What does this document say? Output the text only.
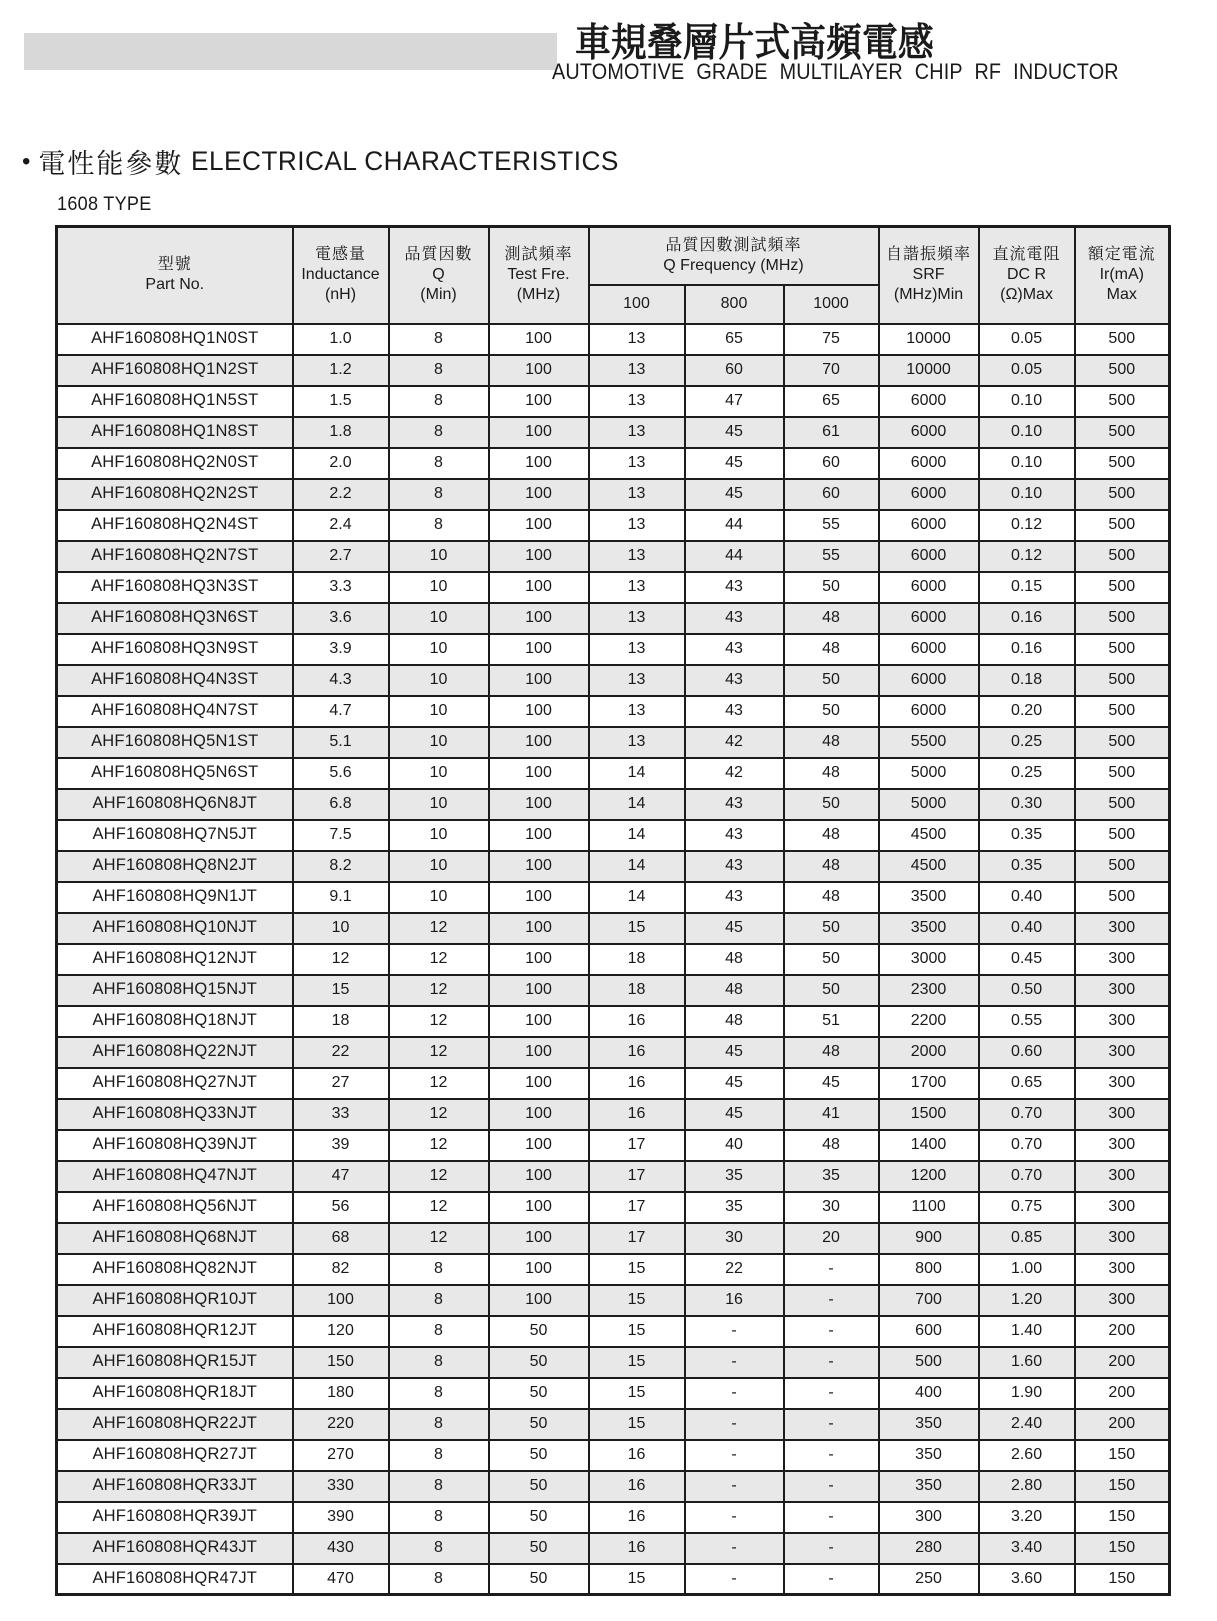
車規叠層片式高頻電感
AUTOMOTIVE GRADE MULTILAYER CHIP RF INDUCTOR
• 電性能參數 ELECTRICAL CHARACTERISTICS
1608 TYPE
型號
Part No.	電感量
Inductance
(nH)	品質因數
Q
(Min)	測試頻率
Test Fre.
(MHz)	品質因數測試頻率
Q Frequency (MHz)			自諧振頻率
SRF
(MHz)Min	直流電阻
DC R
(Ω)Max	額定電流
Ir(mA)
Max

				100	800	1000			
AHF160808HQ1N0ST	1.0	8	100	13	65	75	10000	0.05	500
AHF160808HQ1N2ST	1.2	8	100	13	60	70	10000	0.05	500
AHF160808HQ1N5ST	1.5	8	100	13	47	65	6000	0.10	500
AHF160808HQ1N8ST	1.8	8	100	13	45	61	6000	0.10	500
AHF160808HQ2N0ST	2.0	8	100	13	45	60	6000	0.10	500
AHF160808HQ2N2ST	2.2	8	100	13	45	60	6000	0.10	500
AHF160808HQ2N4ST	2.4	8	100	13	44	55	6000	0.12	500
AHF160808HQ2N7ST	2.7	10	100	13	44	55	6000	0.12	500
AHF160808HQ3N3ST	3.3	10	100	13	43	50	6000	0.15	500
AHF160808HQ3N6ST	3.6	10	100	13	43	48	6000	0.16	500
AHF160808HQ3N9ST	3.9	10	100	13	43	48	6000	0.16	500
AHF160808HQ4N3ST	4.3	10	100	13	43	50	6000	0.18	500
AHF160808HQ4N7ST	4.7	10	100	13	43	50	6000	0.20	500
AHF160808HQ5N1ST	5.1	10	100	13	42	48	5500	0.25	500
AHF160808HQ5N6ST	5.6	10	100	14	42	48	5000	0.25	500
AHF160808HQ6N8JT	6.8	10	100	14	43	50	5000	0.30	500
AHF160808HQ7N5JT	7.5	10	100	14	43	48	4500	0.35	500
AHF160808HQ8N2JT	8.2	10	100	14	43	48	4500	0.35	500
AHF160808HQ9N1JT	9.1	10	100	14	43	48	3500	0.40	500
AHF160808HQ10NJT	10	12	100	15	45	50	3500	0.40	300
AHF160808HQ12NJT	12	12	100	18	48	50	3000	0.45	300
AHF160808HQ15NJT	15	12	100	18	48	50	2300	0.50	300
AHF160808HQ18NJT	18	12	100	16	48	51	2200	0.55	300
AHF160808HQ22NJT	22	12	100	16	45	48	2000	0.60	300
AHF160808HQ27NJT	27	12	100	16	45	45	1700	0.65	300
AHF160808HQ33NJT	33	12	100	16	45	41	1500	0.70	300
AHF160808HQ39NJT	39	12	100	17	40	48	1400	0.70	300
AHF160808HQ47NJT	47	12	100	17	35	35	1200	0.70	300
AHF160808HQ56NJT	56	12	100	17	35	30	1100	0.75	300
AHF160808HQ68NJT	68	12	100	17	30	20	900	0.85	300
AHF160808HQ82NJT	82	8	100	15	22	-	800	1.00	300
AHF160808HQR10JT	100	8	100	15	16	-	700	1.20	300
AHF160808HQR12JT	120	8	50	15	-	-	600	1.40	200
AHF160808HQR15JT	150	8	50	15	-	-	500	1.60	200
AHF160808HQR18JT	180	8	50	15	-	-	400	1.90	200
AHF160808HQR22JT	220	8	50	15	-	-	350	2.40	200
AHF160808HQR27JT	270	8	50	16	-	-	350	2.60	150
AHF160808HQR33JT	330	8	50	16	-	-	350	2.80	150
AHF160808HQR39JT	390	8	50	16	-	-	300	3.20	150
AHF160808HQR43JT	430	8	50	16	-	-	280	3.40	150
AHF160808HQR47JT	470	8	50	15	-	-	250	3.60	150
